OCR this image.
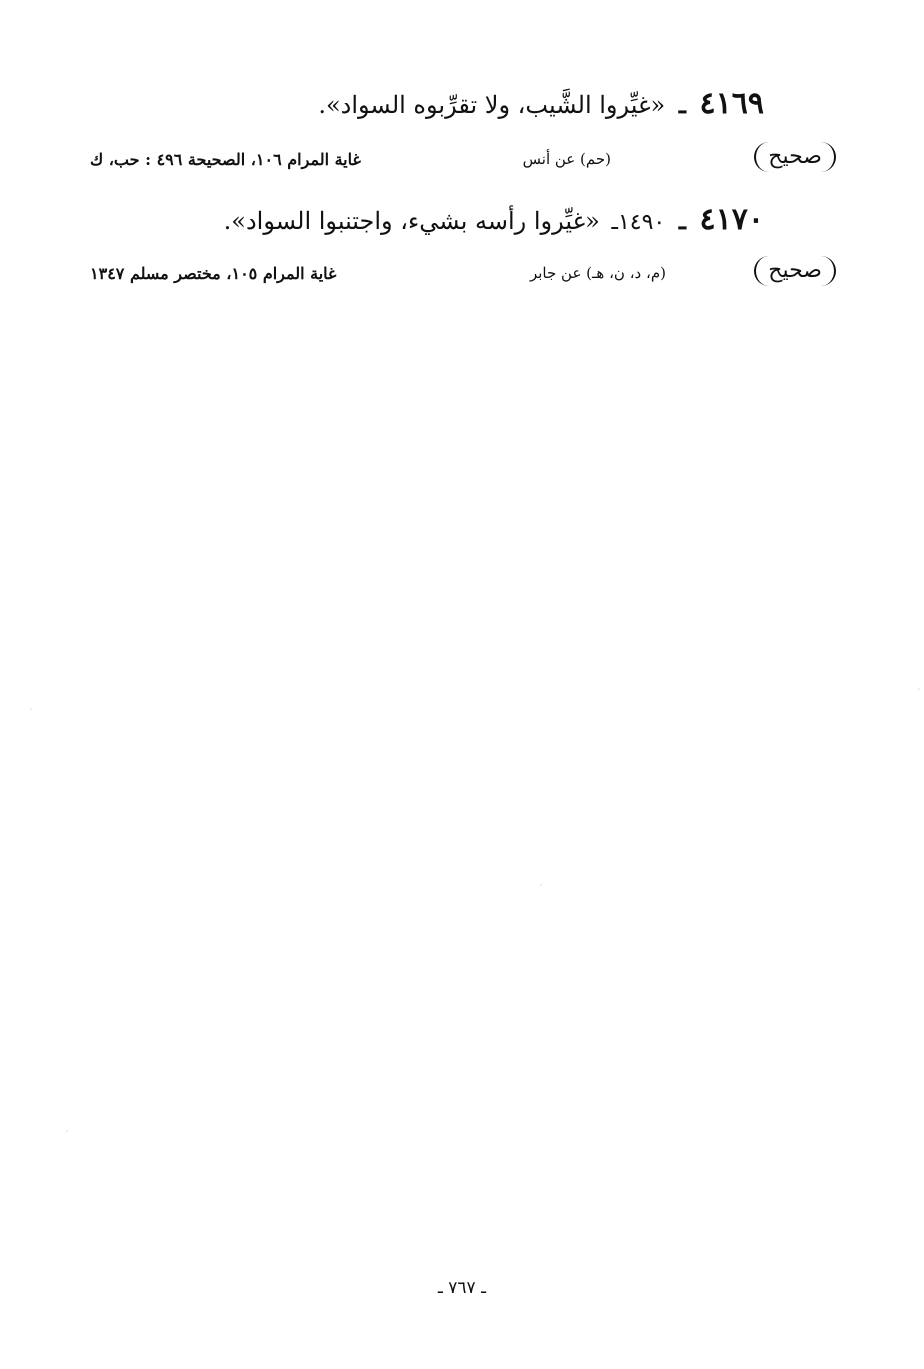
٤١٦٩ ـ «غيِّروا الشَّيب، ولا تقرِّبوه السواد».
صحيح
(حم) عن أنس
غاية المرام ١٠٦، الصحيحة ٤٩٦ : حب، ك
٤١٧٠ ـ ١٤٩٠ـ «غيِّروا رأسه بشيء، واجتنبوا السواد».
صحيح
(م، د، ن، هـ) عن جابر
غاية المرام ١٠٥، مختصر مسلم ١٣٤٧
ـ ٧٦٧ ـ
